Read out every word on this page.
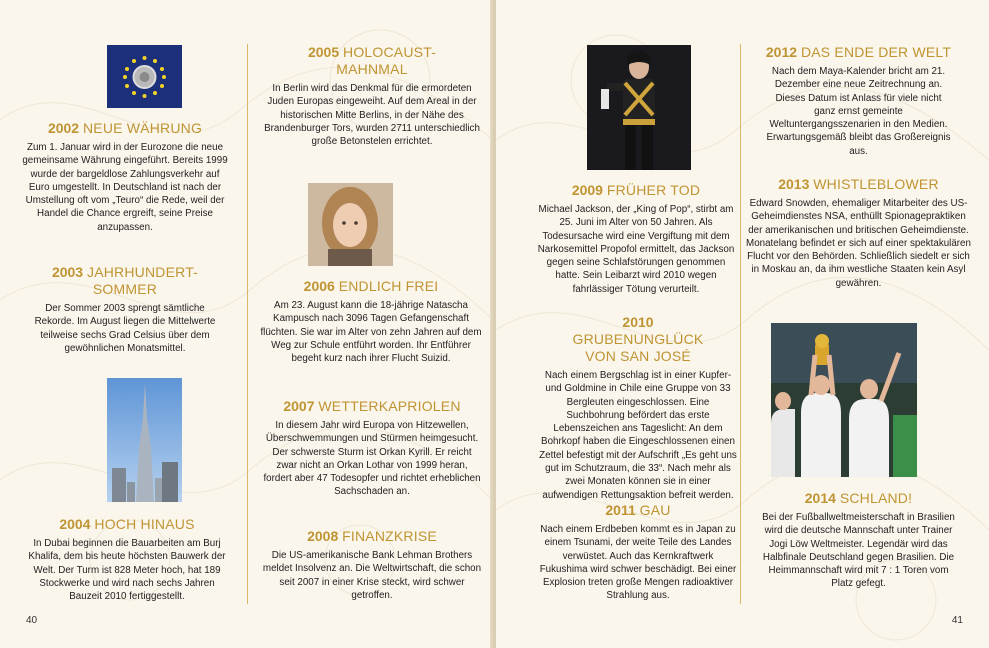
2002 NEUE WÄHRUNG

Zum 1. Januar wird in der Eurozone die neue gemeinsame Währung eingeführt. Bereits 1999 wurde der bargeldlose Zahlungsverkehr auf Euro umgestellt. In Deutschland ist nach der Umstellung oft vom „Teuro“ die Rede, weil der Handel die Chance ergreift, seine Preise anzupassen.

2003 JAHRHUNDERT-SOMMER

Der Sommer 2003 sprengt sämtliche Rekorde. Im August liegen die Mittelwerte teilweise sechs Grad Celsius über dem gewöhnlichen Monatsmittel.

2004 HOCH HINAUS

In Dubai beginnen die Bauarbeiten am Burj Khalifa, dem bis heute höchsten Bauwerk der Welt. Der Turm ist 828 Meter hoch, hat 189 Stockwerke und wird nach sechs Jahren Bauzeit 2010 fertiggestellt.

2005 HOLOCAUST-MAHNMAL

In Berlin wird das Denkmal für die ermordeten Juden Europas eingeweiht. Auf dem Areal in der historischen Mitte Berlins, in der Nähe des Brandenburger Tors, wurden 2711 unterschiedlich große Betonstelen errichtet.

2006 ENDLICH FREI

Am 23. August kann die 18-jährige Natascha Kampusch nach 3096 Tagen Gefangenschaft flüchten. Sie war im Alter von zehn Jahren auf dem Weg zur Schule entführt worden. Ihr Entführer begeht kurz nach ihrer Flucht Suizid.

2007 WETTERKAPRIOLEN

In diesem Jahr wird Europa von Hitzewellen, Überschwemmungen und Stürmen heimgesucht. Der schwerste Sturm ist Orkan Kyrill. Er reicht zwar nicht an Orkan Lothar von 1999 heran, fordert aber 47 Todesopfer und richtet erheblichen Sachschaden an.

2008 FINANZKRISE

Die US-amerikanische Bank Lehman Brothers meldet Insolvenz an. Die Weltwirtschaft, die schon seit 2007 in einer Krise steckt, wird schwer getroffen.

40

2009 FRÜHER TOD

Michael Jackson, der „King of Pop“, stirbt am 25. Juni im Alter von 50 Jahren. Als Todesursache wird eine Vergiftung mit dem Narkosemittel Propofol ermittelt, das Jackson gegen seine Schlafstörungen genommen hatte. Sein Leibarzt wird 2010 wegen fahrlässiger Tötung verurteilt.

2010 GRUBENUNGLÜCK VON SAN JOSÉ

Nach einem Bergschlag ist in einer Kupfer- und Goldmine in Chile eine Gruppe von 33 Bergleuten eingeschlossen. Eine Suchbohrung befördert das erste Lebenszeichen ans Tageslicht: An dem Bohrkopf haben die Eingeschlossenen einen Zettel befestigt mit der Aufschrift „Es geht uns gut im Schutzraum, die 33“. Nach mehr als zwei Monaten können sie in einer aufwendigen Rettungsaktion befreit werden.

2011 GAU

Nach einem Erdbeben kommt es in Japan zu einem Tsunami, der weite Teile des Landes verwüstet. Auch das Kernkraftwerk Fukushima wird schwer beschädigt. Bei einer Explosion treten große Mengen radioaktiver Strahlung aus.

2012 DAS ENDE DER WELT

Nach dem Maya-Kalender bricht am 21. Dezember eine neue Zeitrechnung an. Dieses Datum ist Anlass für viele nicht ganz ernst gemeinte Weltuntergangsszenarien in den Medien. Erwartungsgemäß bleibt das Großereignis aus.

2013 WHISTLEBLOWER

Edward Snowden, ehemaliger Mitarbeiter des US-Geheimdienstes NSA, enthüllt Spionagepraktiken der amerikanischen und britischen Geheimdienste. Monatelang befindet er sich auf einer spektakulären Flucht vor den Behörden. Schließlich siedelt er sich in Moskau an, da ihm westliche Staaten kein Asyl gewähren.

2014 SCHLAND!

Bei der Fußballweltmeisterschaft in Brasilien wird die deutsche Mannschaft unter Trainer Jogi Löw Weltmeister. Legendär wird das Halbfinale Deutschland gegen Brasilien. Die Heimmannschaft wird mit 7 : 1 Toren vom Platz gefegt.

41
